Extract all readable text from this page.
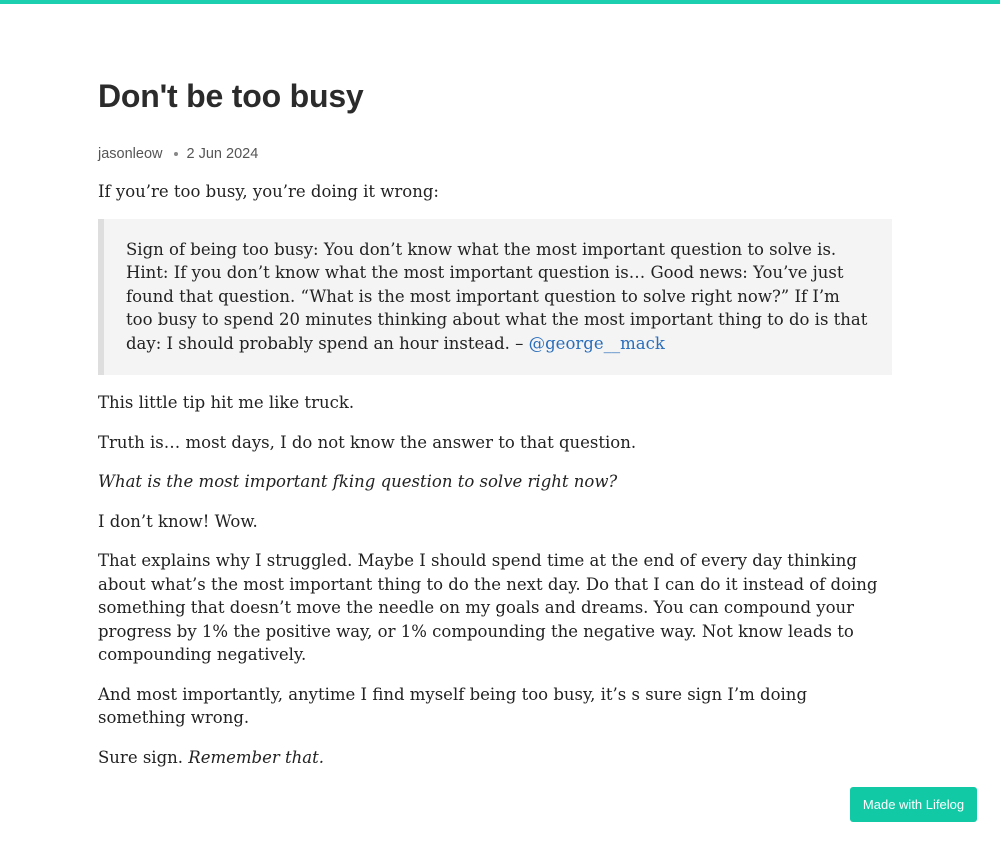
Don't be too busy
jasonleow 2 Jun 2024

If you’re too busy, you’re doing it wrong:

Sign of being too busy: You don’t know what the most important question to solve is. Hint: If you don’t know what the most important question is… Good news: You’ve just found that question. “What is the most important question to solve right now?” If I’m too busy to spend 20 minutes thinking about what the most important thing to do is that day: I should probably spend an hour instead. – @george__mack

This little tip hit me like truck.

Truth is… most days, I do not know the answer to that question.

What is the most important fking question to solve right now?

I don’t know! Wow.

That explains why I struggled. Maybe I should spend time at the end of every day thinking about what’s the most important thing to do the next day. Do that I can do it instead of doing something that doesn’t move the needle on my goals and dreams. You can compound your progress by 1% the positive way, or 1% compounding the negative way. Not know leads to compounding negatively.

And most importantly, anytime I find myself being too busy, it’s s sure sign I’m doing something wrong.

Sure sign. Remember that.

Made with Lifelog
